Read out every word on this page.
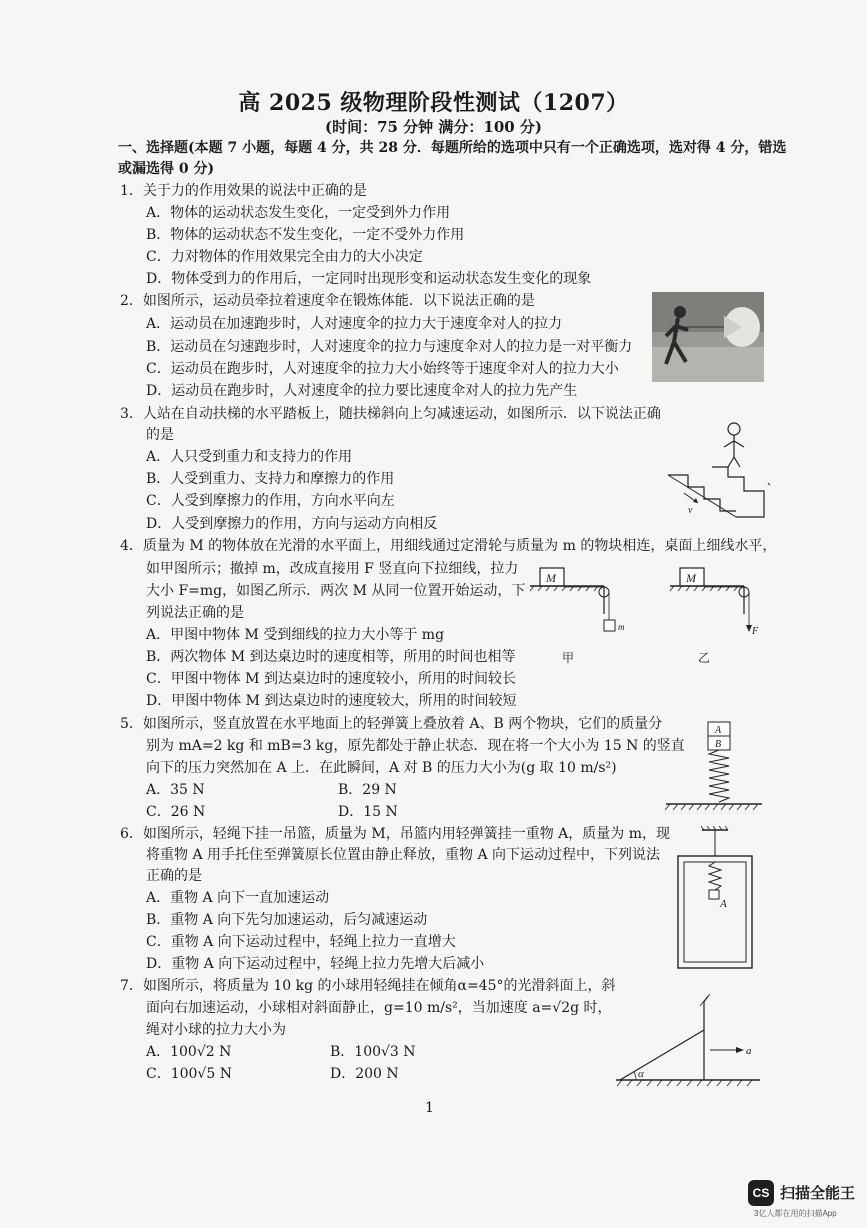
高 2025 级物理阶段性测试（1207）
(时间：75 分钟 满分：100 分)
一、选择题(本题 7 小题，每题 4 分，共 28 分．每题所给的选项中只有一个正确选项，选对得 4 分，错选
或漏选得 0 分)
1．关于力的作用效果的说法中正确的是
A．物体的运动状态发生变化，一定受到外力作用
B．物体的运动状态不发生变化，一定不受外力作用
C．力对物体的作用效果完全由力的大小决定
D．物体受到力的作用后，一定同时出现形变和运动状态发生变化的现象
2．如图所示，运动员牵拉着速度伞在锻炼体能．以下说法正确的是
A．运动员在加速跑步时，人对速度伞的拉力大于速度伞对人的拉力
B．运动员在匀速跑步时，人对速度伞的拉力与速度伞对人的拉力是一对平衡力
C．运动员在跑步时，人对速度伞的拉力大小始终等于速度伞对人的拉力大小
D．运动员在跑步时，人对速度伞的拉力要比速度伞对人的拉力先产生
3．人站在自动扶梯的水平踏板上，随扶梯斜向上匀减速运动，如图所示．以下说法正确
的是
A．人只受到重力和支持力的作用
B．人受到重力、支持力和摩擦力的作用
C．人受到摩擦力的作用，方向水平向左
D．人受到摩擦力的作用，方向与运动方向相反
v
4．质量为 M 的物体放在光滑的水平面上，用细线通过定滑轮与质量为 m 的物块相连，桌面上细线水平，
如甲图所示；撤掉 m，改成直接用 F 竖直向下拉细线，拉力
大小 F=mg，如图乙所示．两次 M 从同一位置开始运动，下
列说法正确的是
A．甲图中物体 M 受到细线的拉力大小等于 mg
B．两次物体 M 到达桌边时的速度相等，所用的时间也相等
C．甲图中物体 M 到达桌边时的速度较小，所用的时间较长
D．甲图中物体 M 到达桌边时的速度较大，所用的时间较短
M
m
甲
M
F
乙
5．如图所示，竖直放置在水平地面上的轻弹簧上叠放着 A、B 两个物块，它们的质量分
别为 mA=2 kg 和 mB=3 kg，原先都处于静止状态．现在将一个大小为 15 N 的竖直
向下的压力突然加在 A 上．在此瞬间，A 对 B 的压力大小为(g 取 10 m/s²)
A．35 N	B．29 N
C．26 N	D．15 N
A
B
6．如图所示，轻绳下挂一吊篮，质量为 M，吊篮内用轻弹簧挂一重物 A，质量为 m，现
将重物 A 用手托住至弹簧原长位置由静止释放，重物 A 向下运动过程中，下列说法
正确的是
A．重物 A 向下一直加速运动
B．重物 A 向下先匀加速运动，后匀减速运动
C．重物 A 向下运动过程中，轻绳上拉力一直增大
D．重物 A 向下运动过程中，轻绳上拉力先增大后减小
A
7．如图所示，将质量为 10 kg 的小球用轻绳挂在倾角α=45°的光滑斜面上，斜
面向右加速运动，小球相对斜面静止，g=10 m/s²，当加速度 a=√2g 时，
绳对小球的拉力大小为
A．100√2 N	B．100√3 N
C．100√5 N	D．200 N	α
a
1
CS 扫描全能王
3亿人都在用的扫描App
